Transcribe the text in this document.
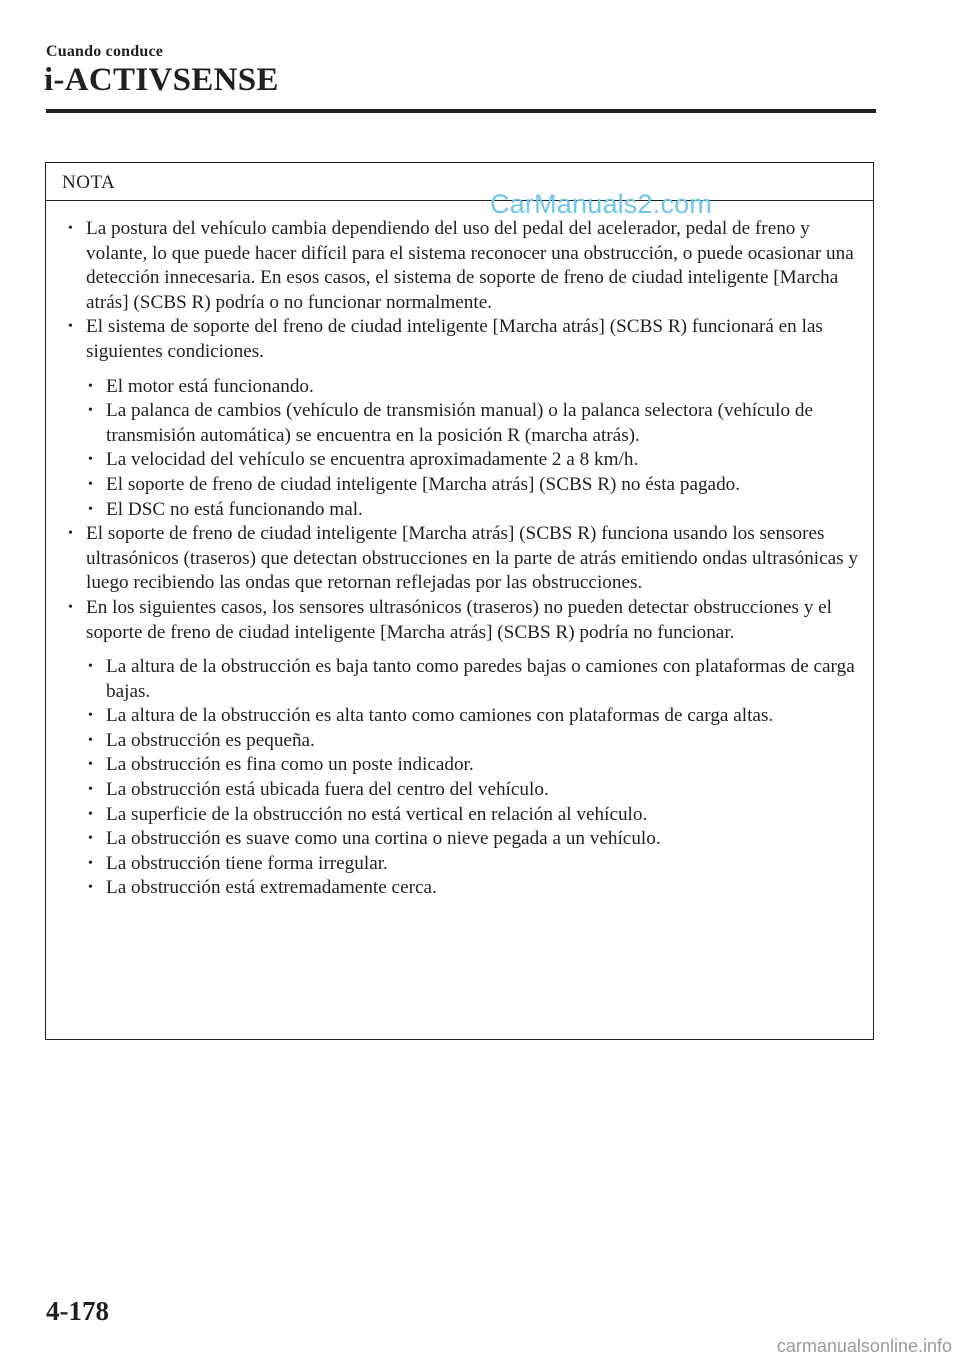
Cuando conduce
i-ACTIVSENSE
NOTA
• La postura del vehículo cambia dependiendo del uso del pedal del acelerador, pedal de freno y volante, lo que puede hacer difícil para el sistema reconocer una obstrucción, o puede ocasionar una detección innecesaria. En esos casos, el sistema de soporte de freno de ciudad inteligente [Marcha atrás] (SCBS R) podría o no funcionar normalmente.
• El sistema de soporte del freno de ciudad inteligente [Marcha atrás] (SCBS R) funcionará en las siguientes condiciones.
• El motor está funcionando.
• La palanca de cambios (vehículo de transmisión manual) o la palanca selectora (vehículo de transmisión automática) se encuentra en la posición R (marcha atrás).
• La velocidad del vehículo se encuentra aproximadamente 2 a 8 km/h.
• El soporte de freno de ciudad inteligente [Marcha atrás] (SCBS R) no ésta pagado.
• El DSC no está funcionando mal.
• El soporte de freno de ciudad inteligente [Marcha atrás] (SCBS R) funciona usando los sensores ultrasónicos (traseros) que detectan obstrucciones en la parte de atrás emitiendo ondas ultrasónicas y luego recibiendo las ondas que retornan reflejadas por las obstrucciones.
• En los siguientes casos, los sensores ultrasónicos (traseros) no pueden detectar obstrucciones y el soporte de freno de ciudad inteligente [Marcha atrás] (SCBS R) podría no funcionar.
• La altura de la obstrucción es baja tanto como paredes bajas o camiones con plataformas de carga bajas.
• La altura de la obstrucción es alta tanto como camiones con plataformas de carga altas.
• La obstrucción es pequeña.
• La obstrucción es fina como un poste indicador.
• La obstrucción está ubicada fuera del centro del vehículo.
• La superficie de la obstrucción no está vertical en relación al vehículo.
• La obstrucción es suave como una cortina o nieve pegada a un vehículo.
• La obstrucción tiene forma irregular.
• La obstrucción está extremadamente cerca.
CarManuals2.com
4-178
carmanualsonline.info
